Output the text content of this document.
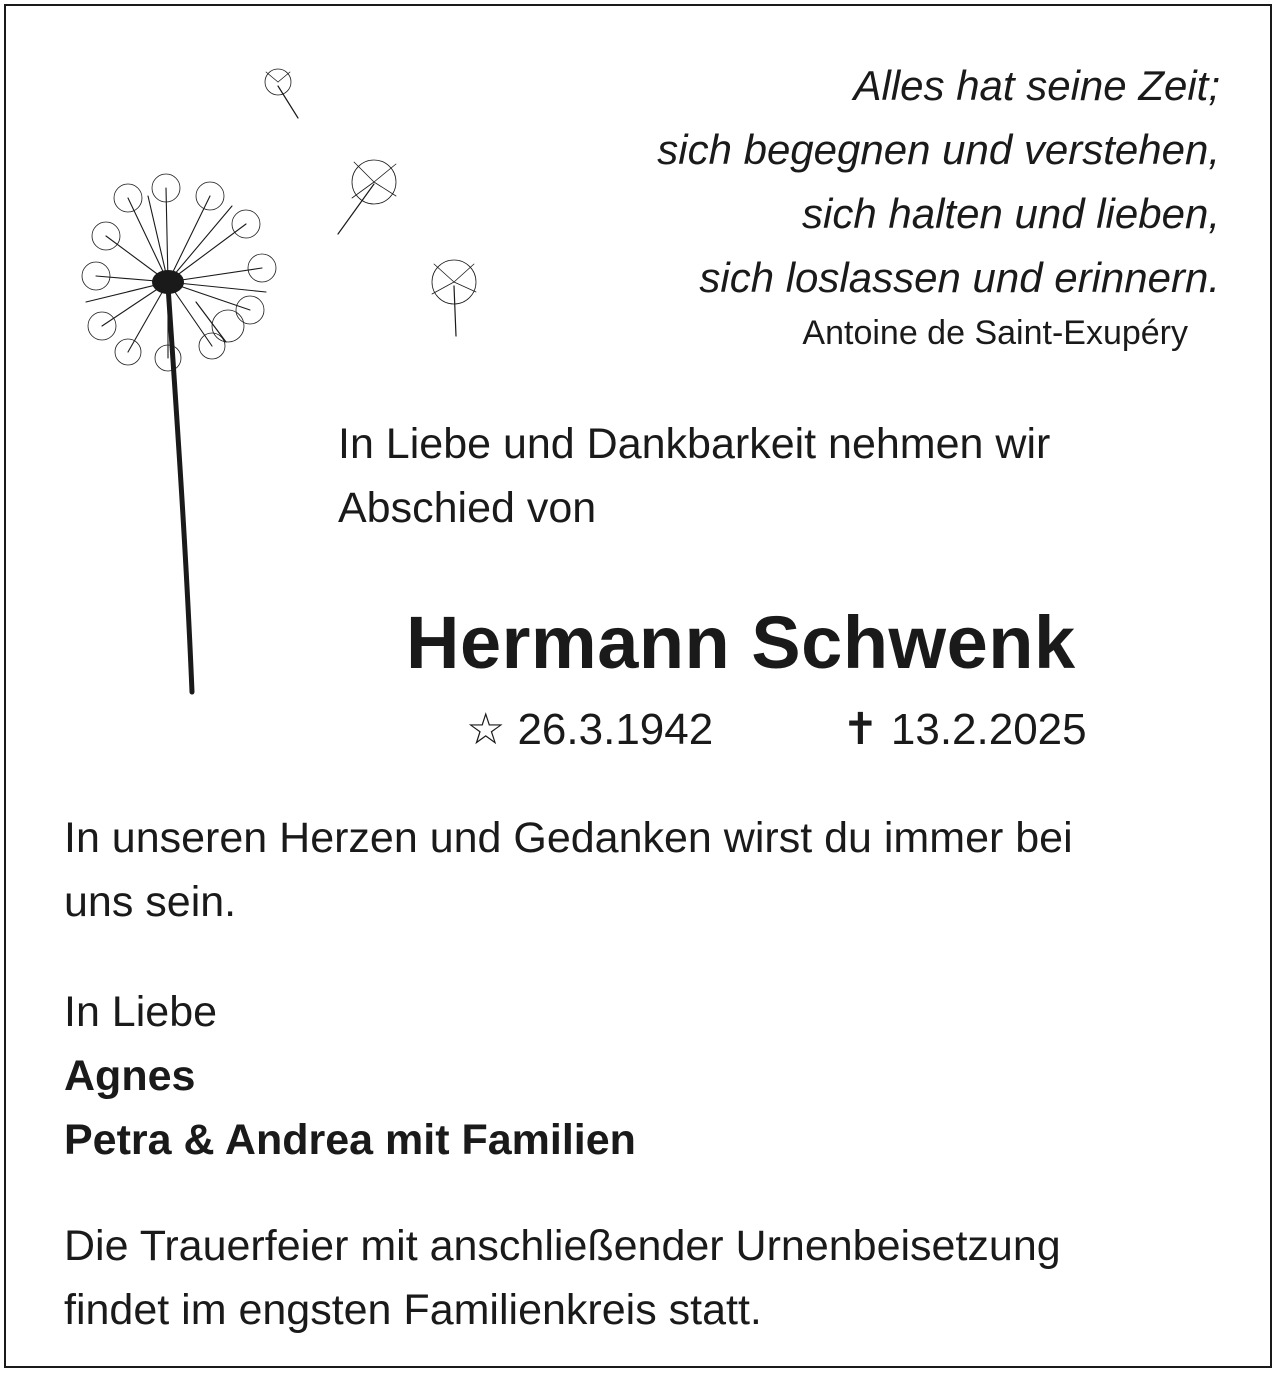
Alles hat seine Zeit;
sich begegnen und verstehen,
sich halten und lieben,
sich loslassen und erinnern.
Antoine de Saint-Exupéry
In Liebe und Dankbarkeit nehmen wir
Abschied von
Hermann Schwenk
☆ 26.3.1942	✝ 13.2.2025
In unseren Herzen und Gedanken wirst du immer bei
uns sein.
In Liebe
Agnes
Petra & Andrea mit Familien
Die Trauerfeier mit anschließender Urnenbeisetzung
findet im engsten Familienkreis statt.
